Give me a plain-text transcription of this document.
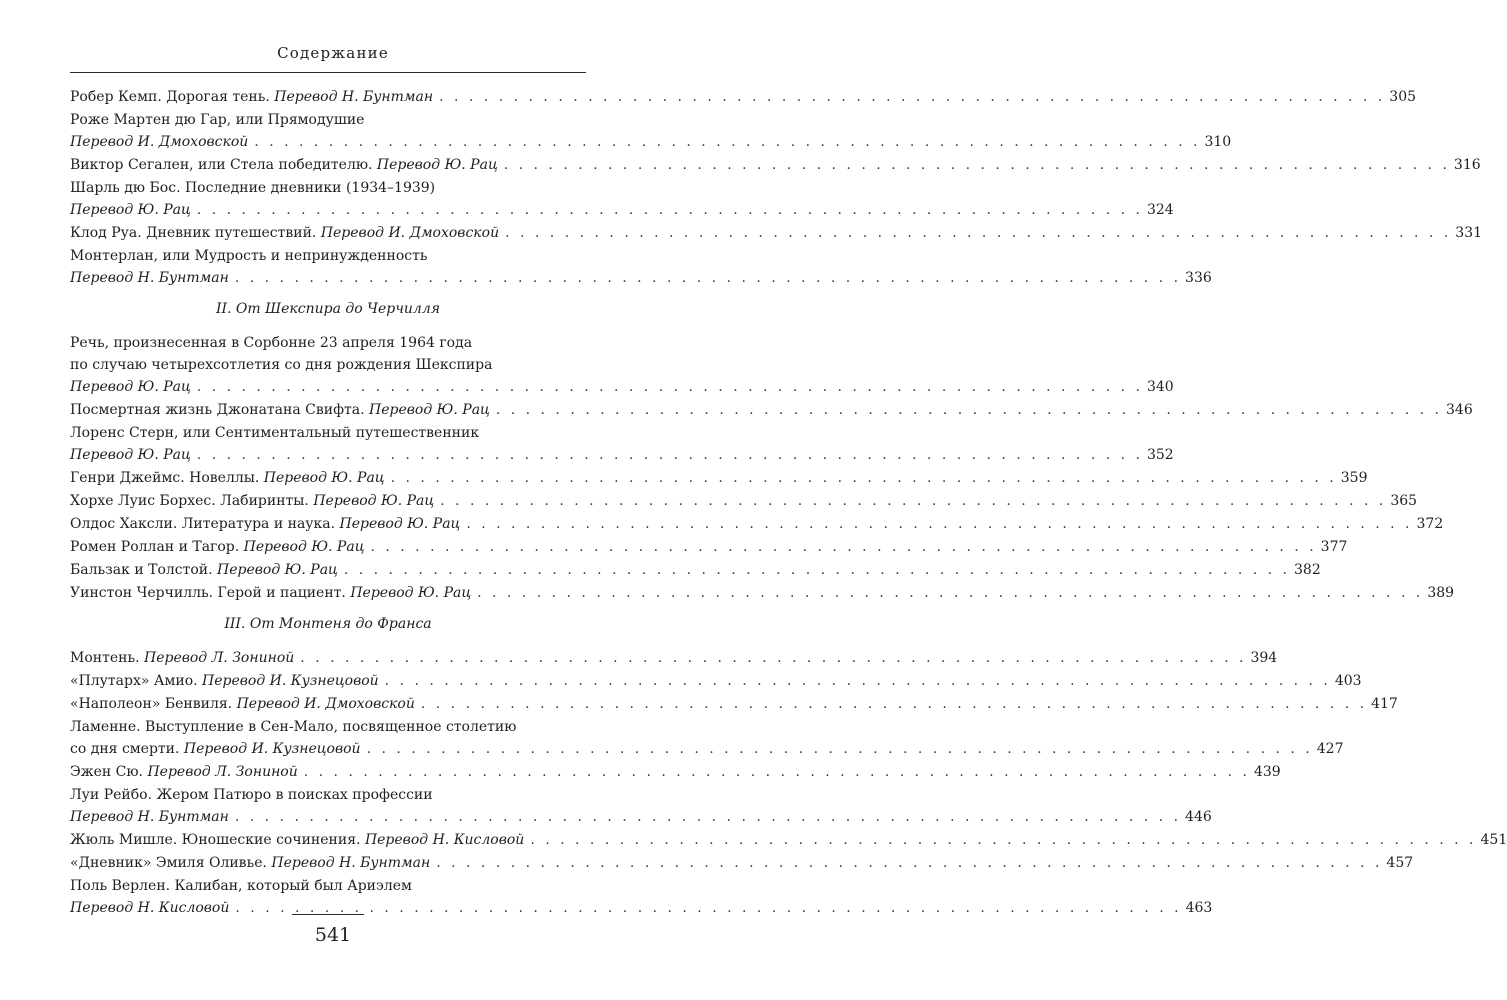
Содержание
Робер Кемп. Дорогая тень. Перевод Н. Бунтман . . . . . . . . . . . . . . . . . . . . . . . . . . . . . . . . . . . . . . . . . . . . . . . . . . . . . . . . . . . . . . . . 305
Роже Мартен дю Гар, или Прямодушие
Перевод И. Дмоховской . . . . . . . . . . . . . . . . . . . . . . . . . . . . . . . . . . . . . . . . . . . . . . . . . . . . . . . . . . . . . . . . 310
Виктор Сегален, или Стела победителю. Перевод Ю. Рац . . . . . . . . . . . . . . . . . . . . . . . . . . . . . . . . . . . . . . . . . . . . . . . . . . . . . . . . . . . . . . . . 316
Шарль дю Бос. Последние дневники (1934–1939)
Перевод Ю. Рац . . . . . . . . . . . . . . . . . . . . . . . . . . . . . . . . . . . . . . . . . . . . . . . . . . . . . . . . . . . . . . . . 324
Клод Руа. Дневник путешествий. Перевод И. Дмоховской . . . . . . . . . . . . . . . . . . . . . . . . . . . . . . . . . . . . . . . . . . . . . . . . . . . . . . . . . . . . . . . . 331
Монтерлан, или Мудрость и непринужденность
Перевод Н. Бунтман . . . . . . . . . . . . . . . . . . . . . . . . . . . . . . . . . . . . . . . . . . . . . . . . . . . . . . . . . . . . . . . . 336
II. От Шекспира до Черчилля
Речь, произнесенная в Сорбонне 23 апреля 1964 года
по случаю четырехсотлетия со дня рождения Шекспира
Перевод Ю. Рац . . . . . . . . . . . . . . . . . . . . . . . . . . . . . . . . . . . . . . . . . . . . . . . . . . . . . . . . . . . . . . . . 340
Посмертная жизнь Джонатана Свифта. Перевод Ю. Рац . . . . . . . . . . . . . . . . . . . . . . . . . . . . . . . . . . . . . . . . . . . . . . . . . . . . . . . . . . . . . . . . 346
Лоренс Стерн, или Сентиментальный путешественник
Перевод Ю. Рац . . . . . . . . . . . . . . . . . . . . . . . . . . . . . . . . . . . . . . . . . . . . . . . . . . . . . . . . . . . . . . . . 352
Генри Джеймс. Новеллы. Перевод Ю. Рац . . . . . . . . . . . . . . . . . . . . . . . . . . . . . . . . . . . . . . . . . . . . . . . . . . . . . . . . . . . . . . . . 359
Хорхе Луис Борхес. Лабиринты. Перевод Ю. Рац . . . . . . . . . . . . . . . . . . . . . . . . . . . . . . . . . . . . . . . . . . . . . . . . . . . . . . . . . . . . . . . . 365
Олдос Хаксли. Литература и наука. Перевод Ю. Рац . . . . . . . . . . . . . . . . . . . . . . . . . . . . . . . . . . . . . . . . . . . . . . . . . . . . . . . . . . . . . . . . 372
Ромен Роллан и Тагор. Перевод Ю. Рац . . . . . . . . . . . . . . . . . . . . . . . . . . . . . . . . . . . . . . . . . . . . . . . . . . . . . . . . . . . . . . . . 377
Бальзак и Толстой. Перевод Ю. Рац . . . . . . . . . . . . . . . . . . . . . . . . . . . . . . . . . . . . . . . . . . . . . . . . . . . . . . . . . . . . . . . . 382
Уинстон Черчилль. Герой и пациент. Перевод Ю. Рац . . . . . . . . . . . . . . . . . . . . . . . . . . . . . . . . . . . . . . . . . . . . . . . . . . . . . . . . . . . . . . . . 389
III. От Монтеня до Франса
Монтень. Перевод Л. Зониной . . . . . . . . . . . . . . . . . . . . . . . . . . . . . . . . . . . . . . . . . . . . . . . . . . . . . . . . . . . . . . . . 394
«Плутарх» Амио. Перевод И. Кузнецовой . . . . . . . . . . . . . . . . . . . . . . . . . . . . . . . . . . . . . . . . . . . . . . . . . . . . . . . . . . . . . . . . 403
«Наполеон» Бенвиля. Перевод И. Дмоховской . . . . . . . . . . . . . . . . . . . . . . . . . . . . . . . . . . . . . . . . . . . . . . . . . . . . . . . . . . . . . . . . 417
Ламенне. Выступление в Сен-Мало, посвященное столетию
со дня смерти. Перевод И. Кузнецовой . . . . . . . . . . . . . . . . . . . . . . . . . . . . . . . . . . . . . . . . . . . . . . . . . . . . . . . . . . . . . . . . 427
Эжен Сю. Перевод Л. Зониной . . . . . . . . . . . . . . . . . . . . . . . . . . . . . . . . . . . . . . . . . . . . . . . . . . . . . . . . . . . . . . . . 439
Луи Рейбо. Жером Патюро в поисках профессии
Перевод Н. Бунтман . . . . . . . . . . . . . . . . . . . . . . . . . . . . . . . . . . . . . . . . . . . . . . . . . . . . . . . . . . . . . . . . 446
Жюль Мишле. Юношеские сочинения. Перевод Н. Кисловой . . . . . . . . . . . . . . . . . . . . . . . . . . . . . . . . . . . . . . . . . . . . . . . . . . . . . . . . . . . . . . . . 451
«Дневник» Эмиля Оливье. Перевод Н. Бунтман . . . . . . . . . . . . . . . . . . . . . . . . . . . . . . . . . . . . . . . . . . . . . . . . . . . . . . . . . . . . . . . . 457
Поль Верлен. Калибан, который был Ариэлем
Перевод Н. Кисловой . . . . . . . . . . . . . . . . . . . . . . . . . . . . . . . . . . . . . . . . . . . . . . . . . . . . . . . . . . . . . . . . 463
541
